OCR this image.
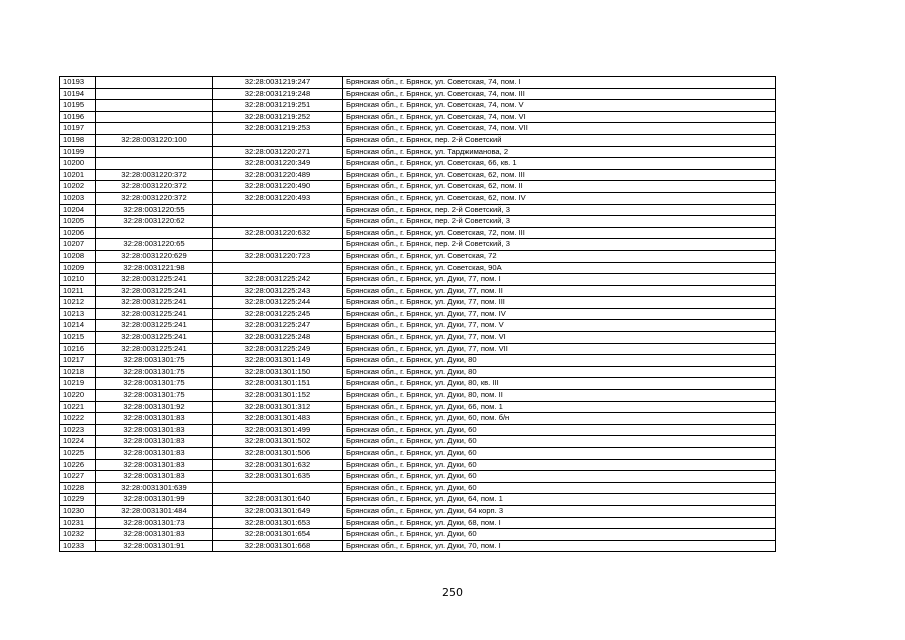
10193		32:28:0031219:247	Брянская обл., г. Брянск, ул. Советская, 74, пом. I
10194		32:28:0031219:248	Брянская обл., г. Брянск, ул. Советская, 74, пом. III
10195		32:28:0031219:251	Брянская обл., г. Брянск, ул. Советская, 74, пом. V
10196		32:28:0031219:252	Брянская обл., г. Брянск, ул. Советская, 74, пом. VI
10197		32:28:0031219:253	Брянская обл., г. Брянск, ул. Советская, 74, пом. VII
10198	32:28:0031220:100		Брянская обл., г. Брянск, пер. 2-й Советский
10199		32:28:0031220:271	Брянская обл., г. Брянск, ул. Тарджиманова, 2
10200		32:28:0031220:349	Брянская обл., г. Брянск, ул. Советская, 66, кв. 1
10201	32:28:0031220:372	32:28:0031220:489	Брянская обл., г. Брянск, ул. Советская, 62, пом. III
10202	32:28:0031220:372	32:28:0031220:490	Брянская обл., г. Брянск, ул. Советская, 62, пом. II
10203	32:28:0031220:372	32:28:0031220:493	Брянская обл., г. Брянск, ул. Советская, 62, пом. IV
10204	32:28:0031220:55		Брянская обл., г. Брянск, пер. 2-й Советский, 3
10205	32:28:0031220:62		Брянская обл., г. Брянск, пер. 2-й Советский, 3
10206		32:28:0031220:632	Брянская обл., г. Брянск, ул. Советская, 72, пом. III
10207	32:28:0031220:65		Брянская обл., г. Брянск, пер. 2-й Советский, 3
10208	32:28:0031220:629	32:28:0031220:723	Брянская обл., г. Брянск, ул. Советская, 72
10209	32:28:0031221:98		Брянская обл., г. Брянск, ул. Советская, 90А
10210	32:28:0031225:241	32:28:0031225:242	Брянская обл., г. Брянск, ул. Дуки, 77, пом. I
10211	32:28:0031225:241	32:28:0031225:243	Брянская обл., г. Брянск, ул. Дуки, 77, пом. II
10212	32:28:0031225:241	32:28:0031225:244	Брянская обл., г. Брянск, ул. Дуки, 77, пом. III
10213	32:28:0031225:241	32:28:0031225:245	Брянская обл., г. Брянск, ул. Дуки, 77, пом. IV
10214	32:28:0031225:241	32:28:0031225:247	Брянская обл., г. Брянск, ул. Дуки, 77, пом. V
10215	32:28:0031225:241	32:28:0031225:248	Брянская обл., г. Брянск, ул. Дуки, 77, пом. VI
10216	32:28:0031225:241	32:28:0031225:249	Брянская обл., г. Брянск, ул. Дуки, 77, пом. VII
10217	32:28:0031301:75	32:28:0031301:149	Брянская обл., г. Брянск, ул. Дуки, 80
10218	32:28:0031301:75	32:28:0031301:150	Брянская обл., г. Брянск, ул. Дуки, 80
10219	32:28:0031301:75	32:28:0031301:151	Брянская обл., г. Брянск, ул. Дуки, 80, кв. III
10220	32:28:0031301:75	32:28:0031301:152	Брянская обл., г. Брянск, ул. Дуки, 80, пом. II
10221	32:28:0031301:92	32:28:0031301:312	Брянская обл., г. Брянск, ул. Дуки, 66, пом. 1
10222	32:28:0031301:83	32:28:0031301:483	Брянская обл., г. Брянск, ул. Дуки, 60, пом. б/н
10223	32:28:0031301:83	32:28:0031301:499	Брянская обл., г. Брянск, ул. Дуки, 60
10224	32:28:0031301:83	32:28:0031301:502	Брянская обл., г. Брянск, ул. Дуки, 60
10225	32:28:0031301:83	32:28:0031301:506	Брянская обл., г. Брянск, ул. Дуки, 60
10226	32:28:0031301:83	32:28:0031301:632	Брянская обл., г. Брянск, ул. Дуки, 60
10227	32:28:0031301:83	32:28:0031301:635	Брянская обл., г. Брянск, ул. Дуки, 60
10228	32:28:0031301:639		Брянская обл., г. Брянск, ул. Дуки, 60
10229	32:28:0031301:99	32:28:0031301:640	Брянская обл., г. Брянск, ул. Дуки, 64, пом. 1
10230	32:28:0031301:484	32:28:0031301:649	Брянская обл., г. Брянск, ул. Дуки, 64 корп. 3
10231	32:28:0031301:73	32:28:0031301:653	Брянская обл., г. Брянск, ул. Дуки, 68, пом. I
10232	32:28:0031301:83	32:28:0031301:654	Брянская обл., г. Брянск, ул. Дуки, 60
10233	32:28:0031301:91	32:28:0031301:668	Брянская обл., г. Брянск, ул. Дуки, 70, пом. I
250
